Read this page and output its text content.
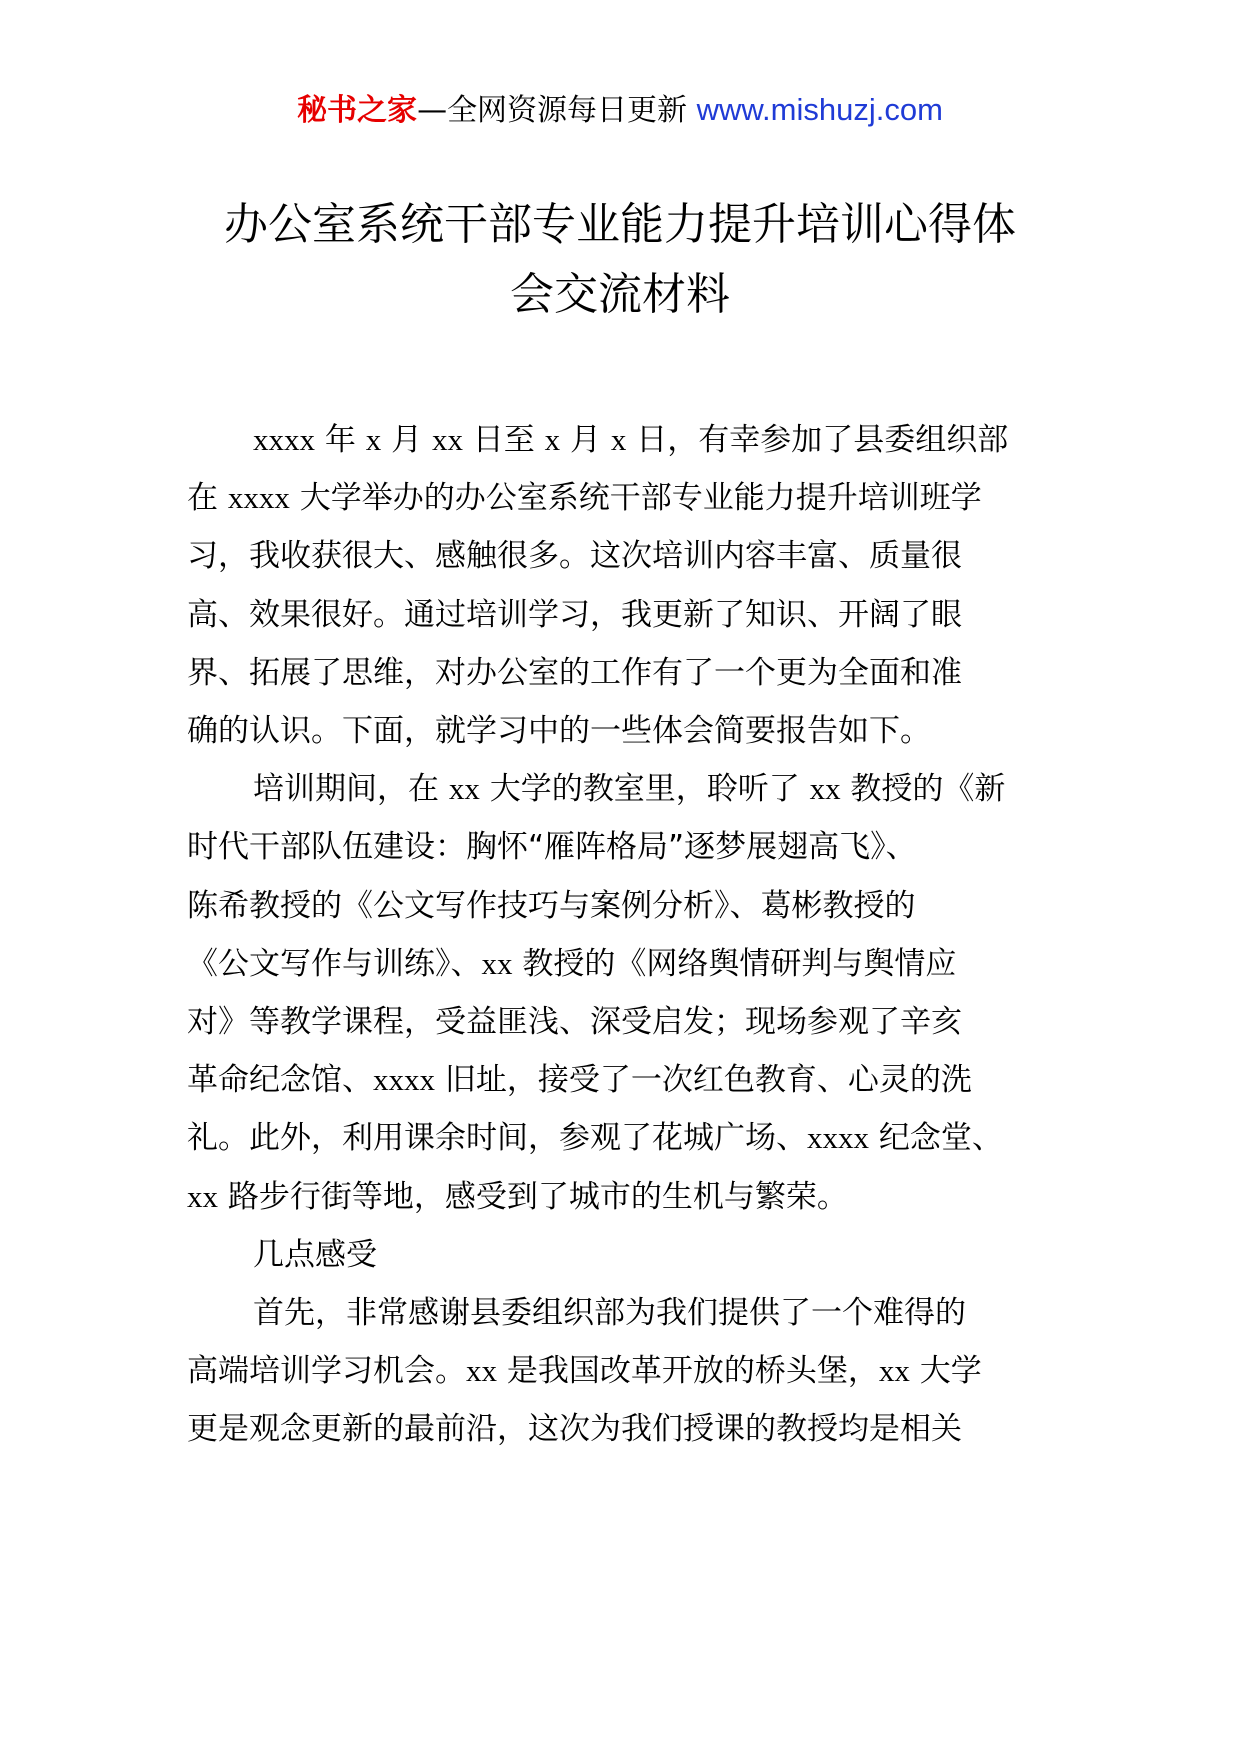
秘书之家—全网资源每日更新 www.mishuzj.com
办公室系统干部专业能力提升培训心得体
会交流材料
xxxx 年 x 月 xx 日至 x 月 x 日，有幸参加了县委组织部
在 xxxx 大学举办的办公室系统干部专业能力提升培训班学
习，我收获很大、感触很多。这次培训内容丰富、质量很
高、效果很好。通过培训学习，我更新了知识、开阔了眼
界、拓展了思维，对办公室的工作有了一个更为全面和准
确的认识。下面，就学习中的一些体会简要报告如下。
培训期间，在 xx 大学的教室里，聆听了 xx 教授的《新
时代干部队伍建设：胸怀“雁阵格局”逐梦展翅高飞》、
陈希教授的《公文写作技巧与案例分析》、葛彬教授的
《公文写作与训练》、xx 教授的《网络舆情研判与舆情应
对》等教学课程，受益匪浅、深受启发；现场参观了辛亥
革命纪念馆、xxxx 旧址，接受了一次红色教育、心灵的洗
礼。此外，利用课余时间，参观了花城广场、xxxx 纪念堂、
xx 路步行街等地，感受到了城市的生机与繁荣。
几点感受
首先，非常感谢县委组织部为我们提供了一个难得的
高端培训学习机会。xx 是我国改革开放的桥头堡，xx 大学
更是观念更新的最前沿，这次为我们授课的教授均是相关
